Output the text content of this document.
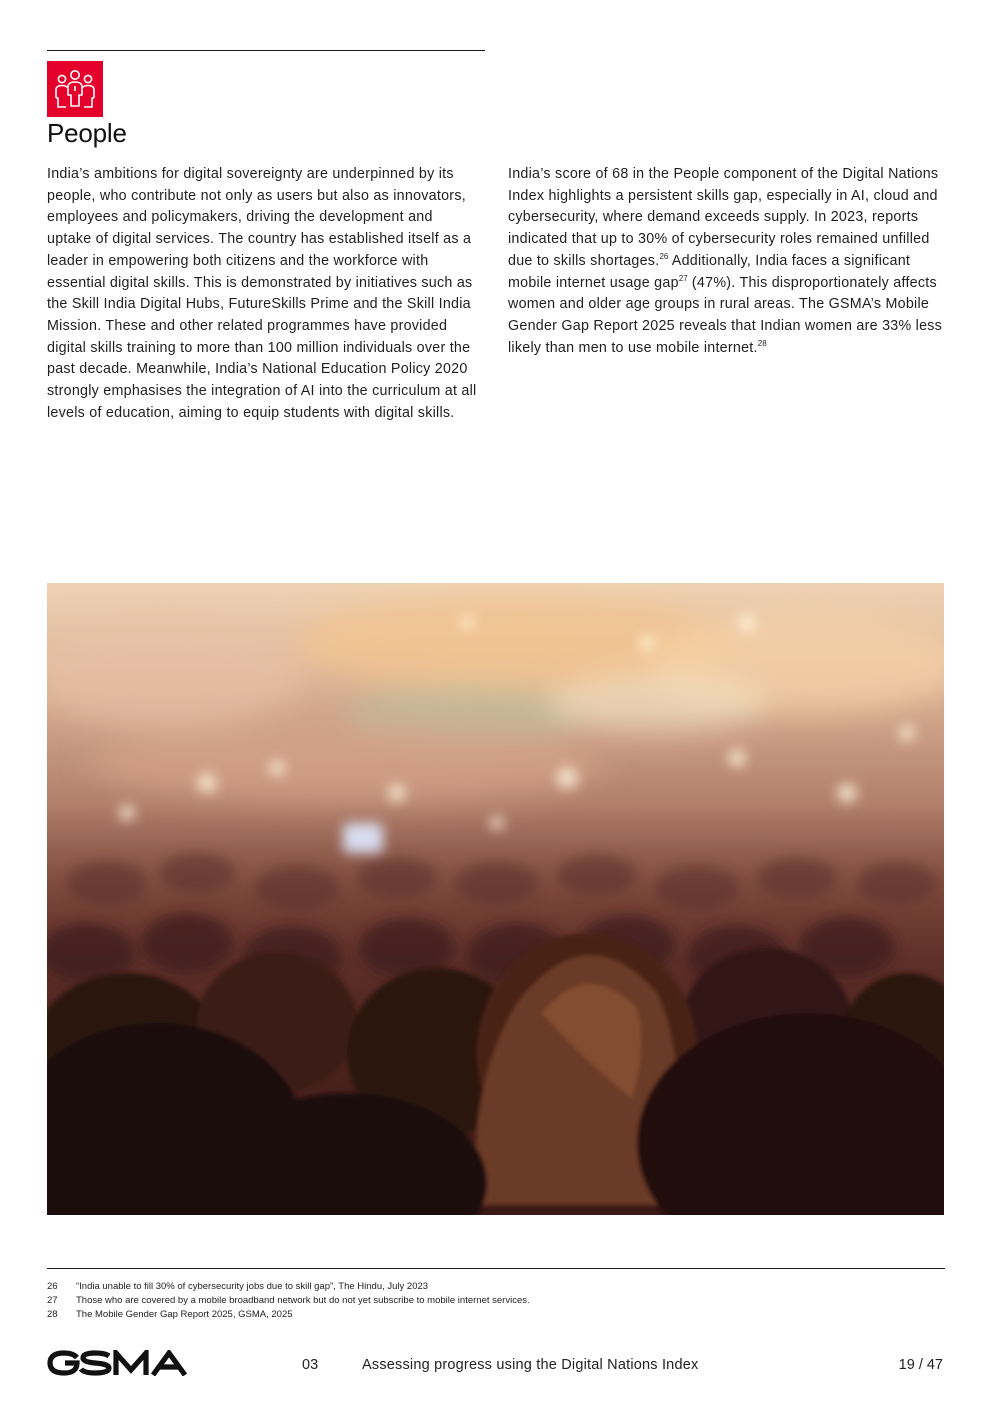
People

India’s ambitions for digital sovereignty are underpinned by its people, who contribute not only as users but also as innovators, employees and policymakers, driving the development and uptake of digital services. The country has established itself as a leader in empowering both citizens and the workforce with essential digital skills. This is demonstrated by initiatives such as the Skill India Digital Hubs, FutureSkills Prime and the Skill India Mission. These and other related programmes have provided digital skills training to more than 100 million individuals over the past decade. Meanwhile, India’s National Education Policy 2020 strongly emphasises the integration of AI into the curriculum at all levels of education, aiming to equip students with digital skills.

India’s score of 68 in the People component of the Digital Nations Index highlights a persistent skills gap, especially in AI, cloud and cybersecurity, where demand exceeds supply. In 2023, reports indicated that up to 30% of cybersecurity roles remained unfilled due to skills shortages.$^{26}$ Additionally, India faces a significant mobile internet usage gap$^{27}$ (47%). This disproportionately affects women and older age groups in rural areas. The GSMA’s Mobile Gender Gap Report 2025 reveals that Indian women are 33% less likely than men to use mobile internet.$^{28}$

26	“India unable to fill 30% of cybersecurity jobs due to skill gap”, The Hindu, July 2023
27	Those who are covered by a mobile broadband network but do not yet subscribe to mobile internet services.
28	The Mobile Gender Gap Report 2025, GSMA, 2025
03	Assessing progress using the Digital Nations Index	19 / 47
